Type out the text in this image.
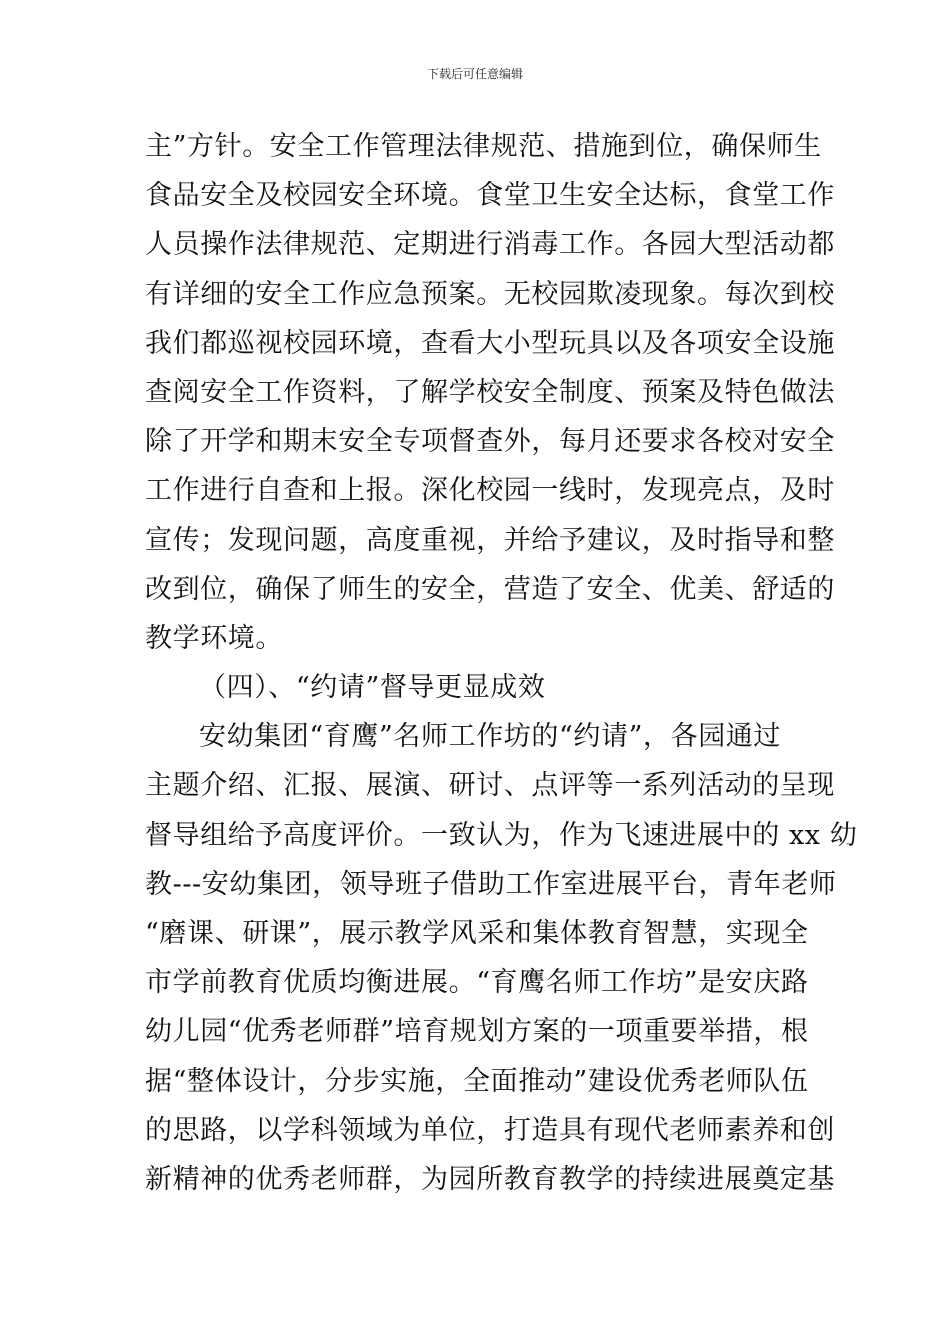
下载后可任意编辑
主”方针。安全工作管理法律规范、措施到位，确保师生
食品安全及校园安全环境。食堂卫生安全达标，食堂工作
人员操作法律规范、定期进行消毒工作。各园大型活动都
有详细的安全工作应急预案。无校园欺凌现象。每次到校
我们都巡视校园环境，查看大小型玩具以及各项安全设施
查阅安全工作资料，了解学校安全制度、预案及特色做法
除了开学和期末安全专项督查外，每月还要求各校对安全
工作进行自查和上报。深化校园一线时，发现亮点，及时
宣传；发现问题，高度重视，并给予建议，及时指导和整
改到位，确保了师生的安全，营造了安全、优美、舒适的
教学环境。
（四）、“约请”督导更显成效
安幼集团“育鹰”名师工作坊的“约请”，各园通过
主题介绍、汇报、展演、研讨、点评等一系列活动的呈现
督导组给予高度评价。一致认为，作为飞速进展中的 xx 幼
教---安幼集团，领导班子借助工作室进展平台，青年老师
“磨课、研课”，展示教学风采和集体教育智慧，实现全
市学前教育优质均衡进展。“育鹰名师工作坊”是安庆路
幼儿园“优秀老师群”培育规划方案的一项重要举措，根
据“整体设计，分步实施，全面推动”建设优秀老师队伍
的思路，以学科领域为单位，打造具有现代老师素养和创
新精神的优秀老师群，为园所教育教学的持续进展奠定基
